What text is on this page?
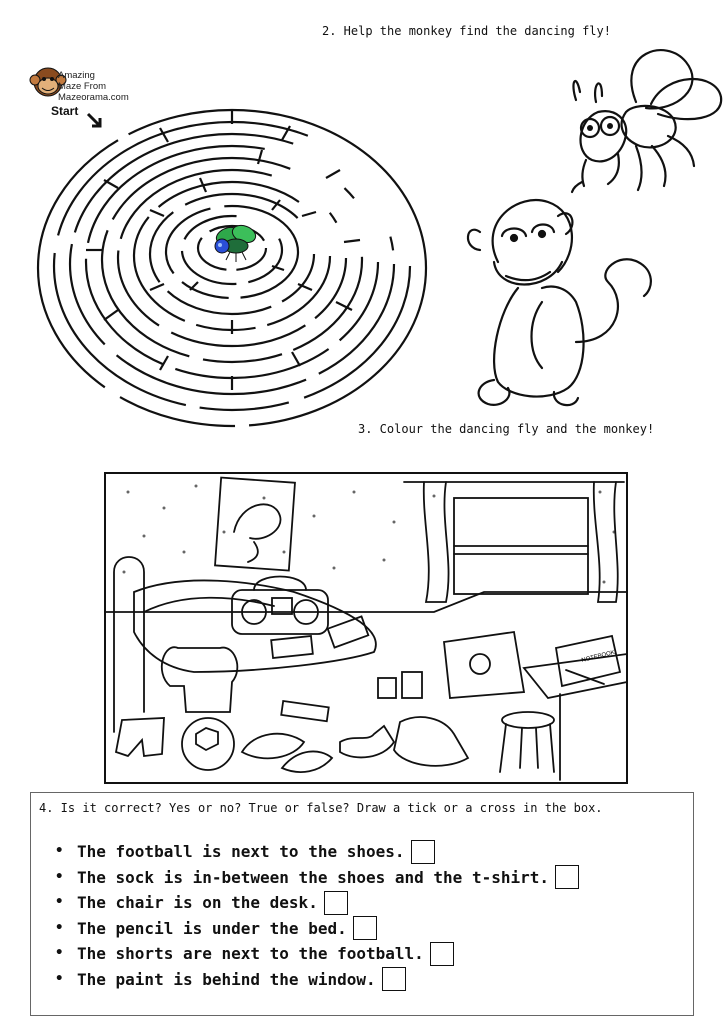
2. Help the monkey find the dancing fly!
3. Colour the dancing fly and the monkey!
Amazing
Maze From
Mazeorama.com
Start
NOTEBOOK
4. Is it correct? Yes or no? True or false? Draw a tick or a cross in the box.
• The football is next to the shoes.
• The sock is in-between the shoes and the t-shirt.
• The chair is on the desk.
• The pencil is under the bed.
• The shorts are next to the football.
• The paint is behind the window.
